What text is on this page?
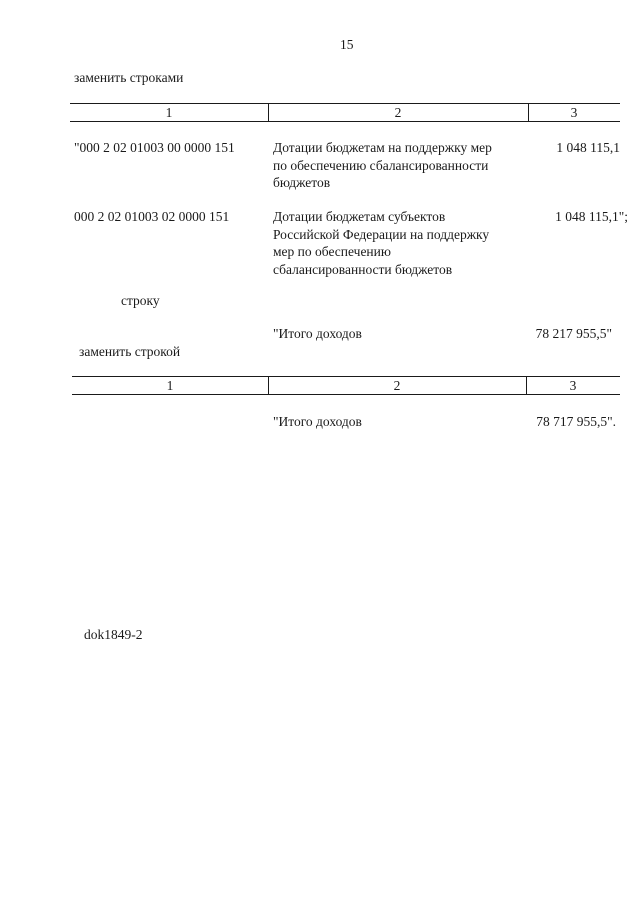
15
заменить строками
1	2	3
"000 2 02 01003 00 0000 151	Дотации бюджетам на поддержку мер
по обеспечению сбалансированности
бюджетов
1 048 115,1
000 2 02 01003 02 0000 151	Дотации бюджетам субъектов
Российской Федерации на поддержку
мер по обеспечению
сбалансированности бюджетов
1 048 115,1";
строку
"Итого доходов	78 217 955,5"
заменить строкой
1	2	3
"Итого доходов	78 717 955,5".
dok1849-2
